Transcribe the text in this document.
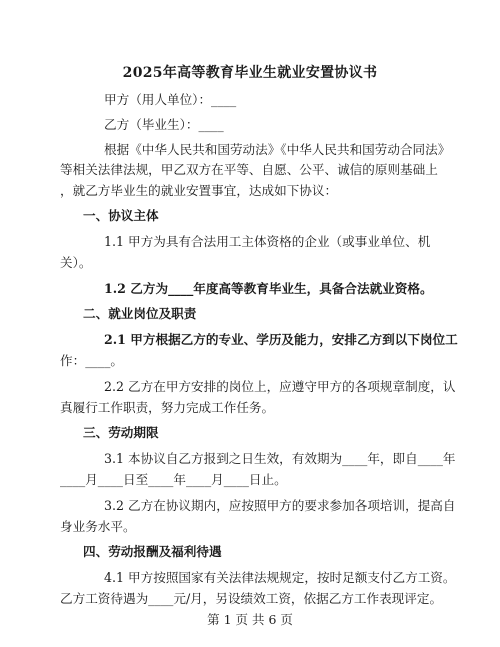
2025年高等教育毕业生就业安置协议书
甲方（用人单位）：____
乙方（毕业生）：____
根据《中华人民共和国劳动法》《中华人民共和国劳动合同法》
等相关法律法规，甲乙双方在平等、自愿、公平、诚信的原则基础上
，就乙方毕业生的就业安置事宜，达成如下协议：
一、协议主体
1.1 甲方为具有合法用工主体资格的企业（或事业单位、机
关）。
1.2 乙方为____年度高等教育毕业生，具备合法就业资格。
二、就业岗位及职责
2.1 甲方根据乙方的专业、学历及能力，安排乙方到以下岗位工
作：____。
2.2 乙方在甲方安排的岗位上，应遵守甲方的各项规章制度，认
真履行工作职责，努力完成工作任务。
三、劳动期限
3.1 本协议自乙方报到之日生效，有效期为____年，即自____年
____月____日至____年____月____日止。
3.2 乙方在协议期内，应按照甲方的要求参加各项培训，提高自
身业务水平。
四、劳动报酬及福利待遇
4.1 甲方按照国家有关法律法规规定，按时足额支付乙方工资。
乙方工资待遇为____元/月，另设绩效工资，依据乙方工作表现评定。
第 1 页 共 6 页
